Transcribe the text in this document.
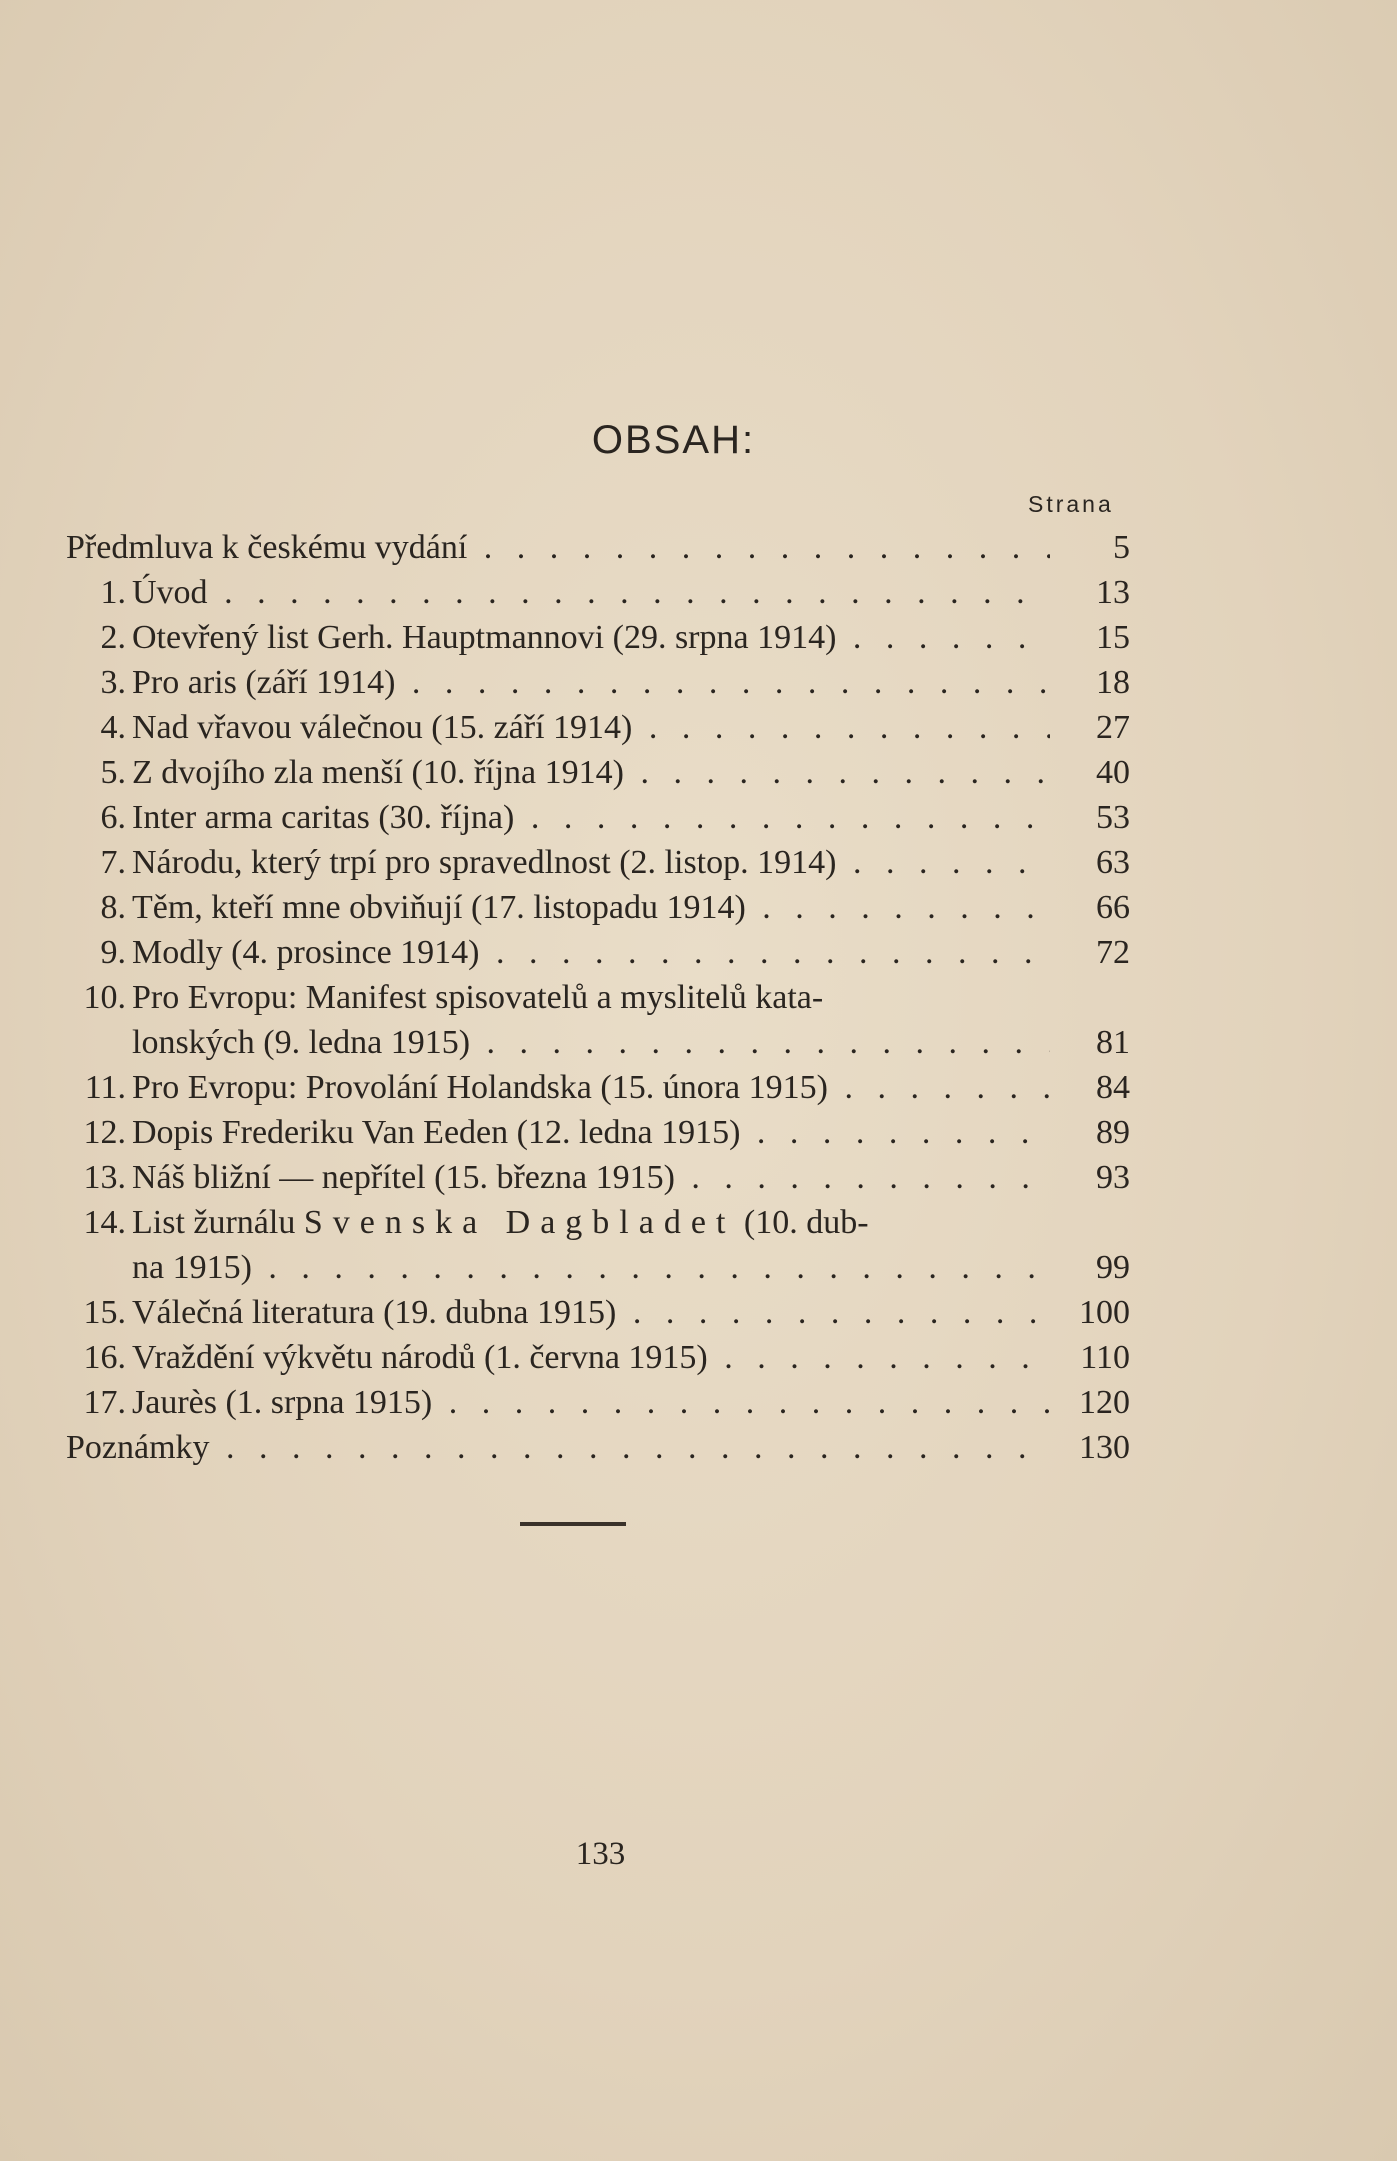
OBSAH:
Strana
Předmluva k českému vydání . . .	5
1. Úvod . . .	13
2. Otevřený list Gerh. Hauptmannovi (29. srpna 1914) . . .	15
3. Pro aris (září 1914) . . .	18
4. Nad vřavou válečnou (15. září 1914) . . .	27
5. Z dvojího zla menší (10. října 1914) . . .	40
6. Inter arma caritas (30. října) . . .	53
7. Národu, který trpí pro spravedlnost (2. listop. 1914) . . .	63
8. Těm, kteří mne obviňují (17. listopadu 1914) . . .	66
9. Modly (4. prosince 1914) . . .	72
10. Pro Evropu: Manifest spisovatelů a myslitelů kata-
lonských (9. ledna 1915) . . .	81
11. Pro Evropu: Provolání Holandska (15. února 1915) . . .	84
12. Dopis Frederiku Van Eeden (12. ledna 1915) . . .	89
13. Náš bližní — nepřítel (15. března 1915) . . .	93
14. List žurnálu Svenska Dagbladet (10. dub-
na 1915) . . .	99
15. Válečná literatura (19. dubna 1915) . . .	100
16. Vraždění výkvětu národů (1. června 1915) . . .	110
17. Jaurès (1. srpna 1915) . . .	120
Poznámky . . .	130
133
